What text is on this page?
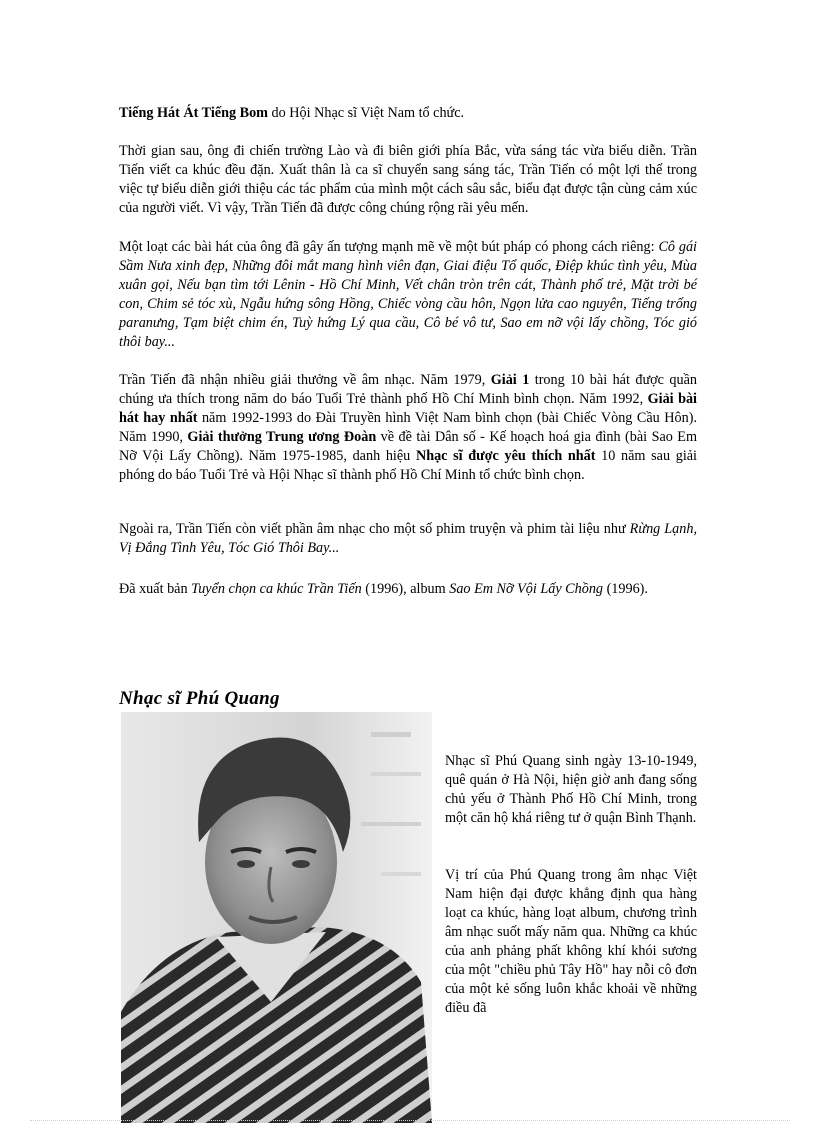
Tiếng Hát Át Tiếng Bom do Hội Nhạc sĩ Việt Nam tổ chức.

Thời gian sau, ông đi chiến trường Lào và đi biên giới phía Bắc, vừa sáng tác vừa biểu diễn. Trần Tiến viết ca khúc đều đặn. Xuất thân là ca sĩ chuyển sang sáng tác, Trần Tiến có một lợi thế trong việc tự biểu diễn giới thiệu các tác phẩm của mình một cách sâu sắc, biểu đạt được tận cùng cảm xúc của người viết. Vì vậy, Trần Tiến đã được công chúng rộng rãi yêu mến.

Một loạt các bài hát của ông đã gây ấn tượng mạnh mẽ về một bút pháp có phong cách riêng: Cô gái Sầm Nưa xinh đẹp, Những đôi mắt mang hình viên đạn, Giai điệu Tổ quốc, Điệp khúc tình yêu, Mùa xuân gọi, Nếu bạn tìm tới Lênin - Hồ Chí Minh, Vết chân tròn trên cát, Thành phố trẻ, Mặt trời bé con, Chim sẻ tóc xù, Ngẫu hứng sông Hồng, Chiếc vòng cầu hôn, Ngọn lửa cao nguyên, Tiếng trống paranưng, Tạm biệt chim én, Tuỳ hứng Lý qua cầu, Cô bé vô tư, Sao em nỡ vội lấy chồng, Tóc gió thôi bay...

Trần Tiến đã nhận nhiều giải thưởng về âm nhạc. Năm 1979, Giải 1 trong 10 bài hát được quần chúng ưa thích trong năm do báo Tuổi Trẻ thành phố Hồ Chí Minh bình chọn. Năm 1992, Giải bài hát hay nhất năm 1992-1993 do Đài Truyền hình Việt Nam bình chọn (bài Chiếc Vòng Cầu Hôn). Năm 1990, Giải thưởng Trung ương Đoàn về đề tài Dân số - Kế hoạch hoá gia đình (bài Sao Em Nỡ Vội Lấy Chồng). Năm 1975-1985, danh hiệu Nhạc sĩ được yêu thích nhất 10 năm sau giải phóng do báo Tuổi Trẻ và Hội Nhạc sĩ thành phố Hồ Chí Minh tổ chức bình chọn.

Ngoài ra, Trần Tiến còn viết phần âm nhạc cho một số phim truyện và phim tài liệu như Rừng Lạnh, Vị Đắng Tình Yêu, Tóc Gió Thôi Bay...

Đã xuất bản Tuyển chọn ca khúc Trần Tiến (1996), album Sao Em Nỡ Vội Lấy Chồng (1996).

Nhạc sĩ Phú Quang

Nhạc sĩ Phú Quang sinh ngày 13-10-1949, quê quán ở Hà Nội, hiện giờ anh đang sống chủ yếu ở Thành Phố Hồ Chí Minh, trong một căn hộ khá riêng tư ở quận Bình Thạnh.

Vị trí của Phú Quang trong âm nhạc Việt Nam hiện đại được khẳng định qua hàng loạt ca khúc, hàng loạt album, chương trình âm nhạc suốt mấy năm qua. Những ca khúc của anh phảng phất không khí khói sương của một "chiều phủ Tây Hồ" hay nỗi cô đơn của một kẻ sống luôn khắc khoải về những điều đã
